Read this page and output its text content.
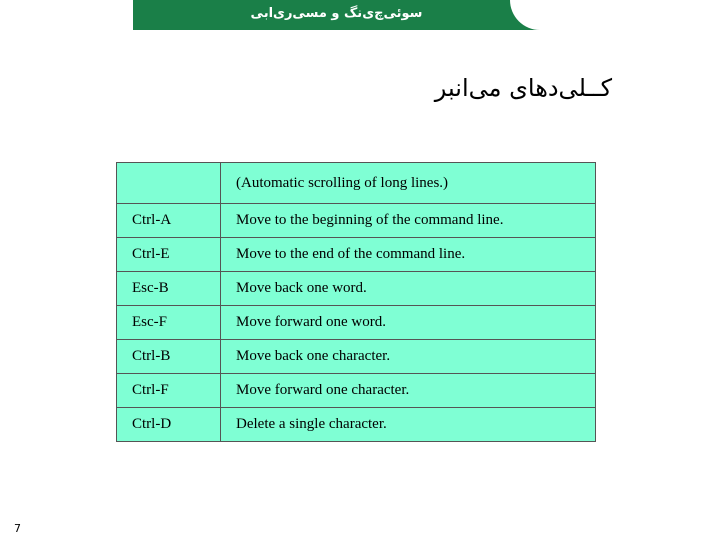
سوئی‌چ‌ی‌نگ و مسی‌ری‌ابی
کــلی‌دهای می‌انبر
	(Automatic scrolling of long lines.)
Ctrl-A	Move to the beginning of the command line.
Ctrl-E	Move to the end of the command line.
Esc-B	Move back one word.
Esc-F	Move forward one word.
Ctrl-B	Move back one character.
Ctrl-F	Move forward one character.
Ctrl-D	Delete a single character.
7
